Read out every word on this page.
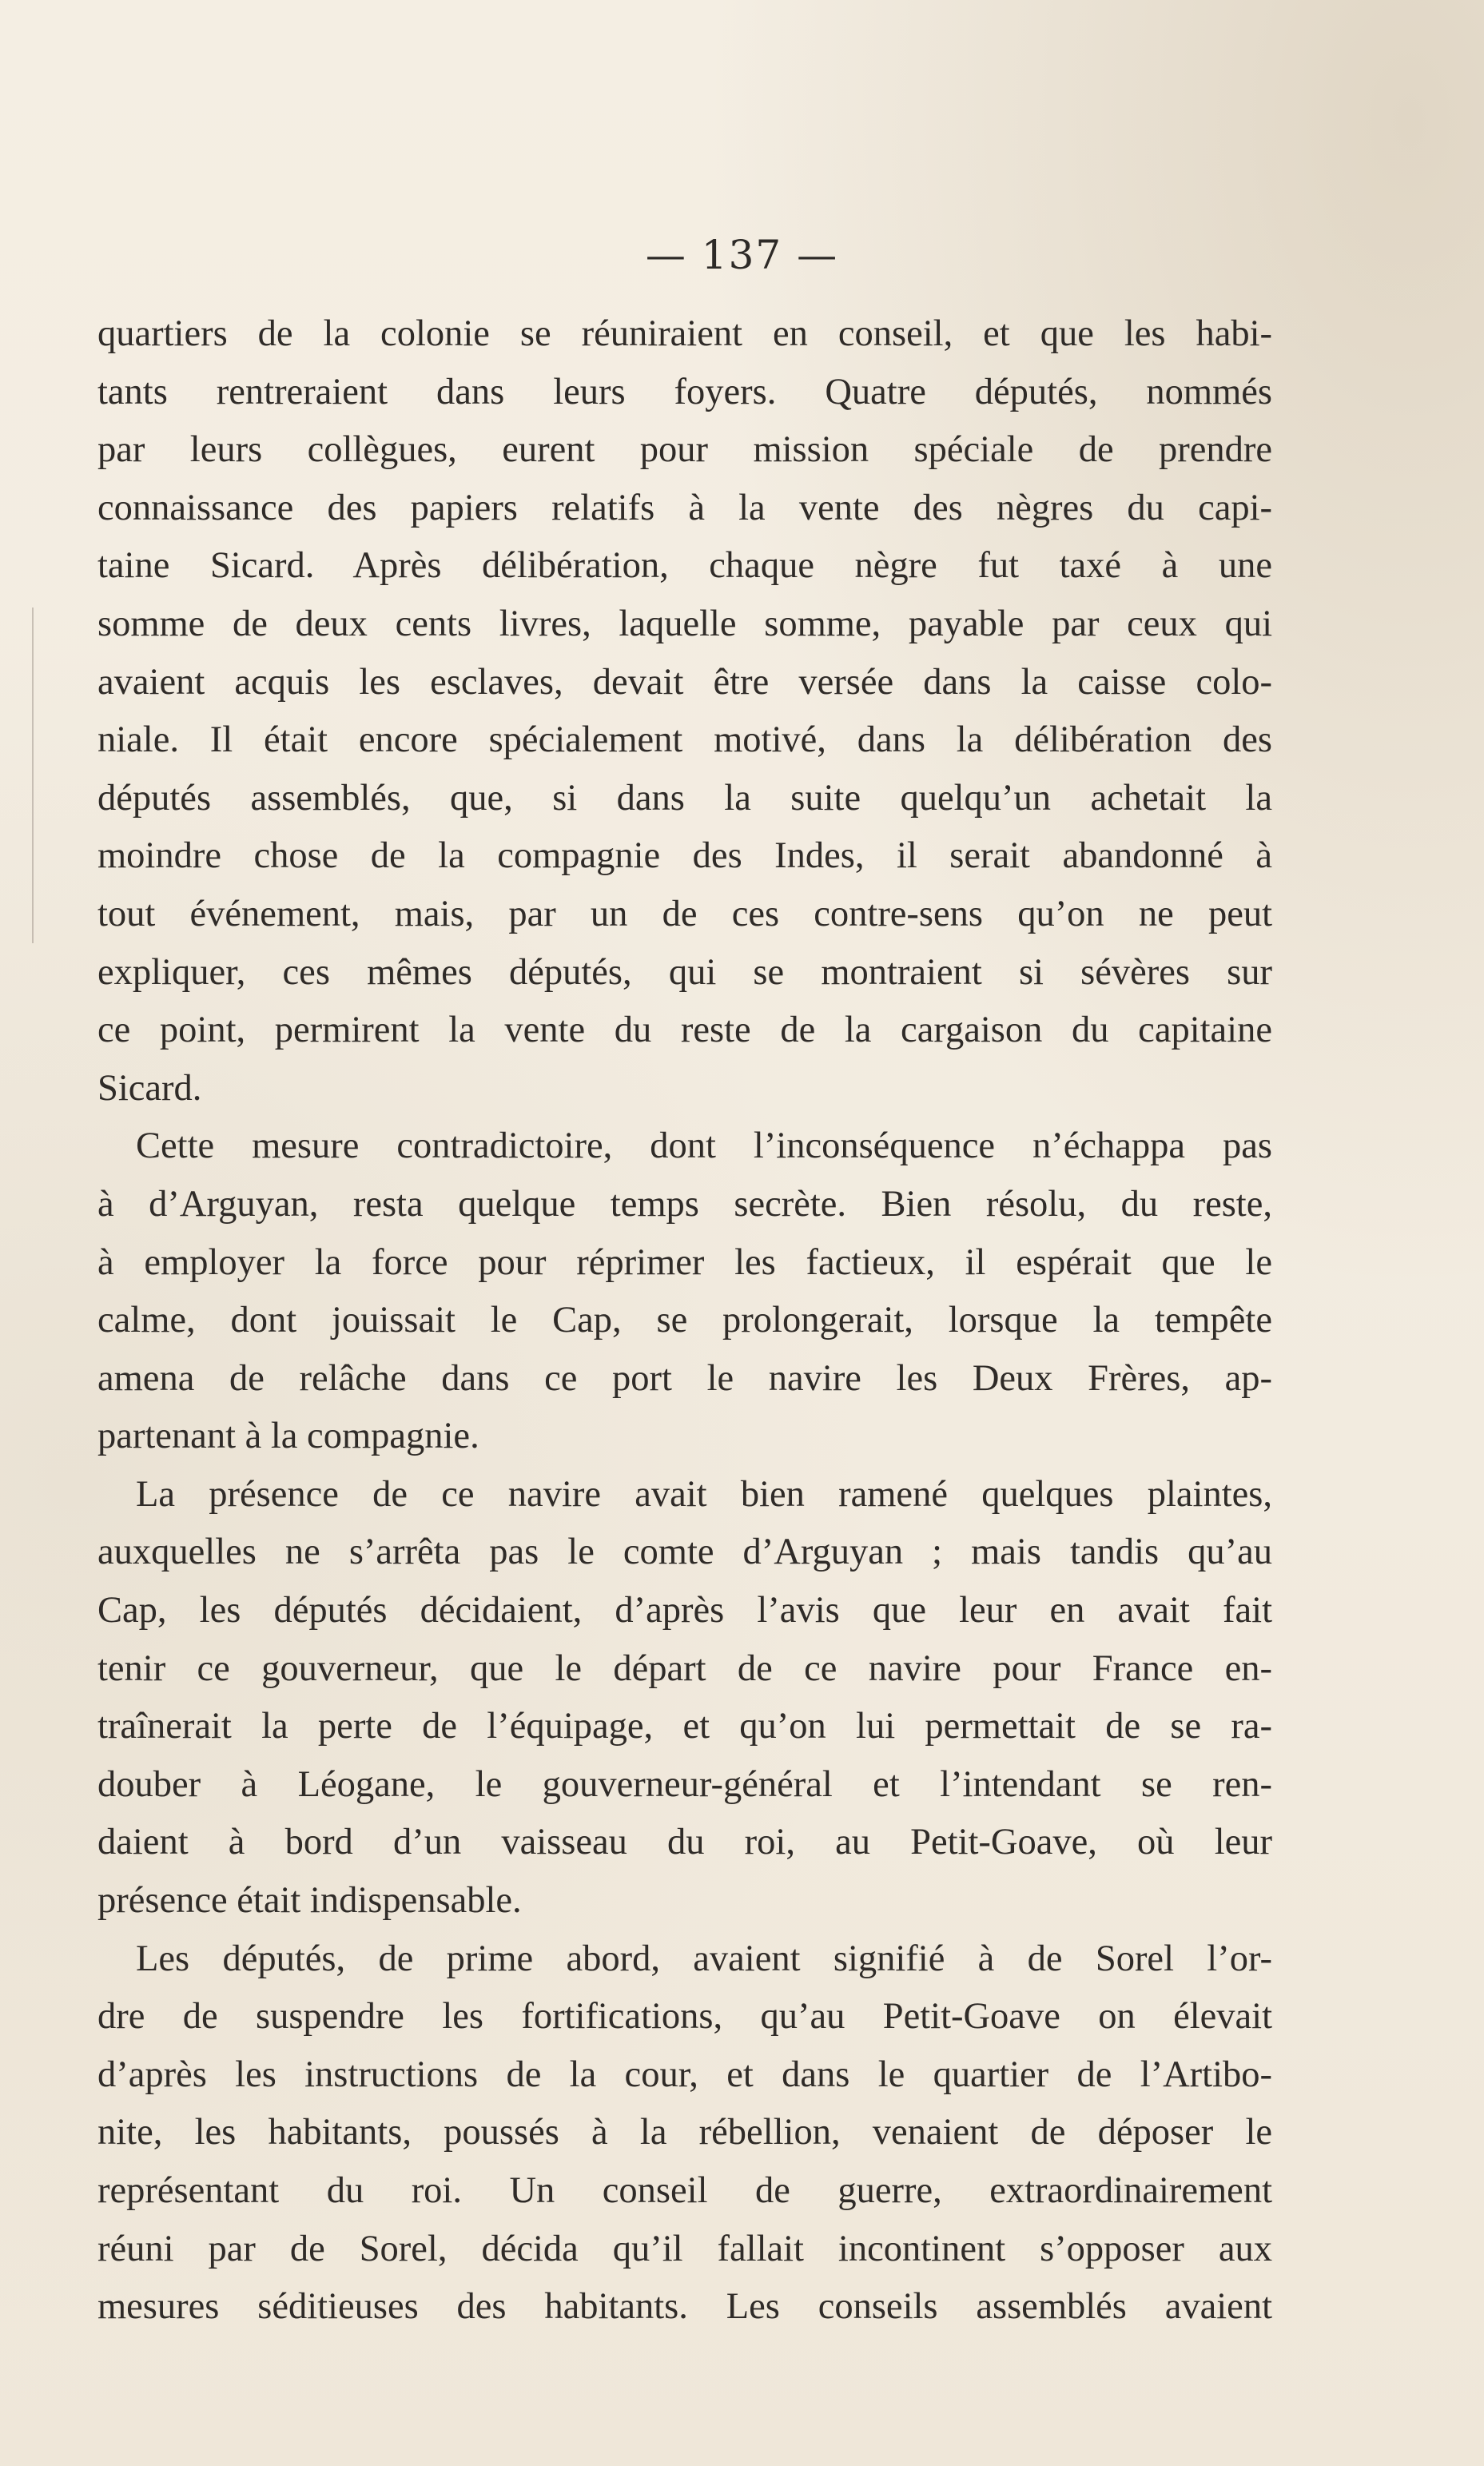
— 137 —
quartiers de la colonie se réuniraient en conseil, et que les habi-
tants rentreraient dans leurs foyers. Quatre députés, nommés
par leurs collègues, eurent pour mission spéciale de prendre
connaissance des papiers relatifs à la vente des nègres du capi-
taine Sicard. Après délibération, chaque nègre fut taxé à une
somme de deux cents livres, laquelle somme, payable par ceux qui
avaient acquis les esclaves, devait être versée dans la caisse colo-
niale. Il était encore spécialement motivé, dans la délibération des
députés assemblés, que, si dans la suite quelqu’un achetait la
moindre chose de la compagnie des Indes, il serait abandonné à
tout événement, mais, par un de ces contre-sens qu’on ne peut
expliquer, ces mêmes députés, qui se montraient si sévères sur
ce point, permirent la vente du reste de la cargaison du capitaine
Sicard.
Cette mesure contradictoire, dont l’inconséquence n’échappa pas
à d’Arguyan, resta quelque temps secrète. Bien résolu, du reste,
à employer la force pour réprimer les factieux, il espérait que le
calme, dont jouissait le Cap, se prolongerait, lorsque la tempête
amena de relâche dans ce port le navire les Deux Frères, ap-
partenant à la compagnie.
La présence de ce navire avait bien ramené quelques plaintes,
auxquelles ne s’arrêta pas le comte d’Arguyan ; mais tandis qu’au
Cap, les députés décidaient, d’après l’avis que leur en avait fait
tenir ce gouverneur, que le départ de ce navire pour France en-
traînerait la perte de l’équipage, et qu’on lui permettait de se ra-
douber à Léogane, le gouverneur-général et l’intendant se ren-
daient à bord d’un vaisseau du roi, au Petit-Goave, où leur
présence était indispensable.
Les députés, de prime abord, avaient signifié à de Sorel l’or-
dre de suspendre les fortifications, qu’au Petit-Goave on élevait
d’après les instructions de la cour, et dans le quartier de l’Artibo-
nite, les habitants, poussés à la rébellion, venaient de déposer le
représentant du roi. Un conseil de guerre, extraordinairement
réuni par de Sorel, décida qu’il fallait incontinent s’opposer aux
mesures séditieuses des habitants. Les conseils assemblés avaient
